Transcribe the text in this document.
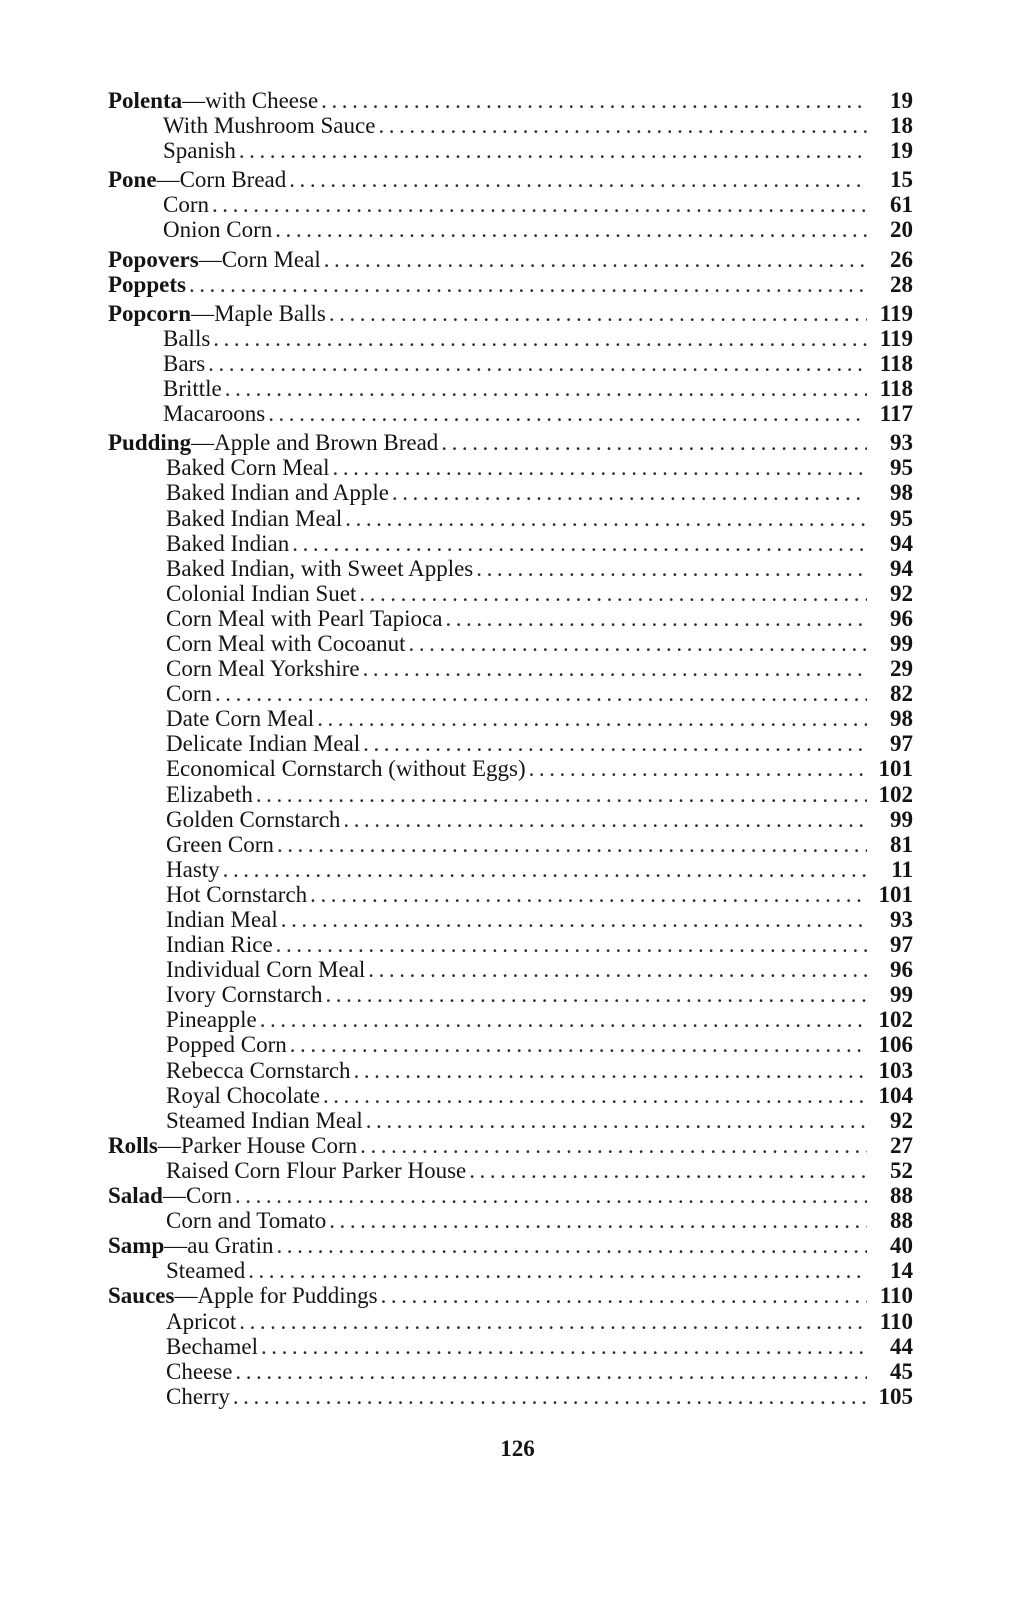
Polenta — with Cheese . . .	19
With Mushroom Sauce . . .	18
Spanish . . .	19
Pone — Corn Bread . . .	15
Corn . . .	61
Onion Corn . . .	20
Popovers — Corn Meal . . .	26
Poppets . . .	28
Popcorn — Maple Balls . . .	119
Balls . . .	119
Bars . . .	118
Brittle . . .	118
Macaroons . . .	117
Pudding — Apple and Brown Bread . . .	93
Baked Corn Meal . . .	95
Baked Indian and Apple . . .	98
Baked Indian Meal . . .	95
Baked Indian . . .	94
Baked Indian, with Sweet Apples . . .	94
Colonial Indian Suet . . .	92
Corn Meal with Pearl Tapioca . . .	96
Corn Meal with Cocoanut . . .	99
Corn Meal Yorkshire . . .	29
Corn . . .	82
Date Corn Meal . . .	98
Delicate Indian Meal . . .	97
Economical Cornstarch (without Eggs) . . .	101
Elizabeth . . .	102
Golden Cornstarch . . .	99
Green Corn . . .	81
Hasty . . .	11
Hot Cornstarch . . .	101
Indian Meal . . .	93
Indian Rice . . .	97
Individual Corn Meal . . .	96
Ivory Cornstarch . . .	99
Pineapple . . .	102
Popped Corn . . .	106
Rebecca Cornstarch . . .	103
Royal Chocolate . . .	104
Steamed Indian Meal . . .	92
Rolls — Parker House Corn . . .	27
Raised Corn Flour Parker House . . .	52
Salad — Corn . . .	88
Corn and Tomato . . .	88
Samp — au Gratin . . .	40
Steamed . . .	14
Sauces — Apple for Puddings . . .	110
Apricot . . .	110
Bechamel . . .	44
Cheese . . .	45
Cherry . . .	105
126
